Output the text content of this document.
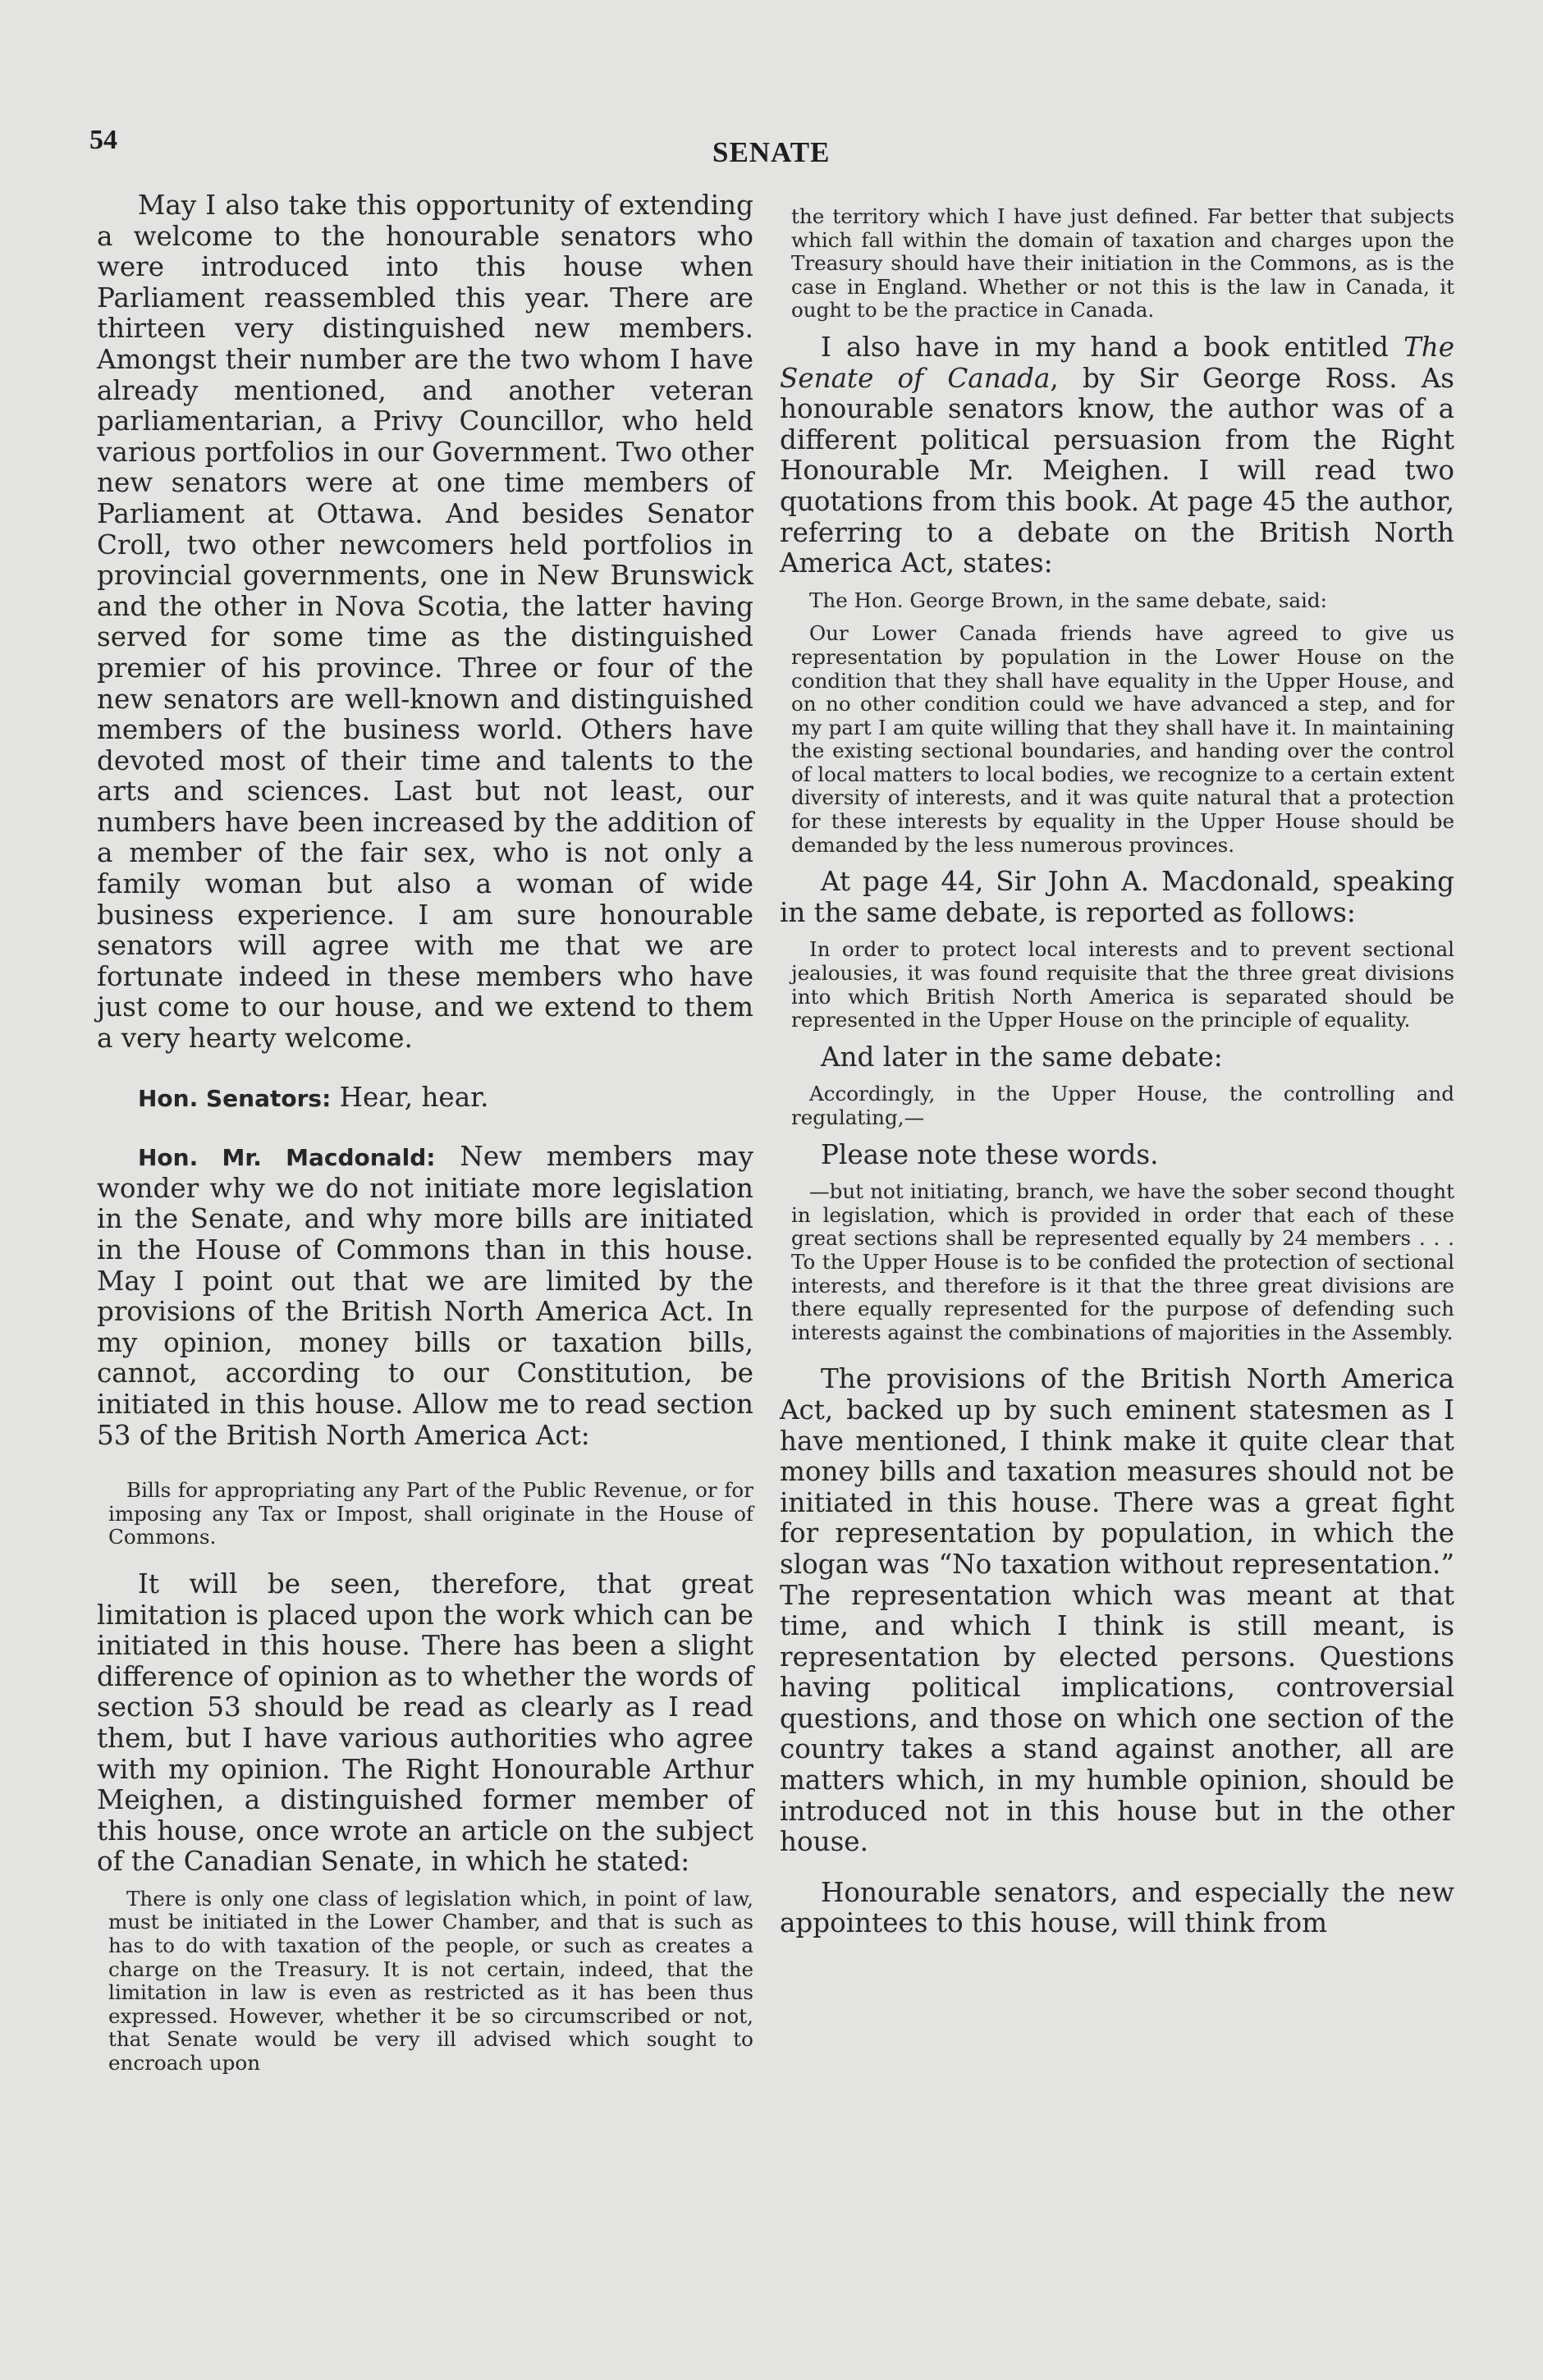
54	SENATE

May I also take this opportunity of extending a welcome to the honourable senators who were introduced into this house when Parliament reassembled this year. There are thirteen very distinguished new members. Amongst their number are the two whom I have already mentioned, and another veteran parliamentarian, a Privy Councillor, who held various portfolios in our Government. Two other new senators were at one time members of Parliament at Ottawa. And besides Senator Croll, two other newcomers held portfolios in provincial governments, one in New Brunswick and the other in Nova Scotia, the latter having served for some time as the distinguished premier of his province. Three or four of the new senators are well-known and distinguished members of the business world. Others have devoted most of their time and talents to the arts and sciences. Last but not least, our numbers have been increased by the addition of a member of the fair sex, who is not only a family woman but also a woman of wide business experience. I am sure honourable senators will agree with me that we are fortunate indeed in these members who have just come to our house, and we extend to them a very hearty welcome.

Hon. Senators: Hear, hear.

Hon. Mr. Macdonald: New members may wonder why we do not initiate more legislation in the Senate, and why more bills are initiated in the House of Commons than in this house. May I point out that we are limited by the provisions of the British North America Act. In my opinion, money bills or taxation bills, cannot, according to our Constitution, be initiated in this house. Allow me to read section 53 of the British North America Act:

Bills for appropriating any Part of the Public Revenue, or for imposing any Tax or Impost, shall originate in the House of Commons.

It will be seen, therefore, that great limitation is placed upon the work which can be initiated in this house. There has been a slight difference of opinion as to whether the words of section 53 should be read as clearly as I read them, but I have various authorities who agree with my opinion. The Right Honourable Arthur Meighen, a distinguished former member of this house, once wrote an article on the subject of the Canadian Senate, in which he stated:

There is only one class of legislation which, in point of law, must be initiated in the Lower Chamber, and that is such as has to do with taxation of the people, or such as creates a charge on the Treasury. It is not certain, indeed, that the limitation in law is even as restricted as it has been thus expressed. However, whether it be so circumscribed or not, that Senate would be very ill advised which sought to encroach upon

the territory which I have just defined. Far better that subjects which fall within the domain of taxation and charges upon the Treasury should have their initiation in the Commons, as is the case in England. Whether or not this is the law in Canada, it ought to be the practice in Canada.

I also have in my hand a book entitled The Senate of Canada, by Sir George Ross. As honourable senators know, the author was of a different political persuasion from the Right Honourable Mr. Meighen. I will read two quotations from this book. At page 45 the author, referring to a debate on the British North America Act, states:

The Hon. George Brown, in the same debate, said:

Our Lower Canada friends have agreed to give us representation by population in the Lower House on the condition that they shall have equality in the Upper House, and on no other condition could we have advanced a step, and for my part I am quite willing that they shall have it. In maintaining the existing sectional boundaries, and handing over the control of local matters to local bodies, we recognize to a certain extent diversity of interests, and it was quite natural that a protection for these interests by equality in the Upper House should be demanded by the less numerous provinces.

At page 44, Sir John A. Macdonald, speaking in the same debate, is reported as follows:

In order to protect local interests and to prevent sectional jealousies, it was found requisite that the three great divisions into which British North America is separated should be represented in the Upper House on the principle of equality.

And later in the same debate:

Accordingly, in the Upper House, the controlling and regulating,—

Please note these words.

—but not initiating, branch, we have the sober second thought in legislation, which is provided in order that each of these great sections shall be represented equally by 24 members . . . To the Upper House is to be confided the protection of sectional interests, and therefore is it that the three great divisions are there equally represented for the purpose of defending such interests against the combinations of majorities in the Assembly.

The provisions of the British North America Act, backed up by such eminent statesmen as I have mentioned, I think make it quite clear that money bills and taxation measures should not be initiated in this house. There was a great fight for representation by population, in which the slogan was “No taxation without representation.” The representation which was meant at that time, and which I think is still meant, is representation by elected persons. Questions having political implications, controversial questions, and those on which one section of the country takes a stand against another, all are matters which, in my humble opinion, should be introduced not in this house but in the other house.

Honourable senators, and especially the new appointees to this house, will think from
